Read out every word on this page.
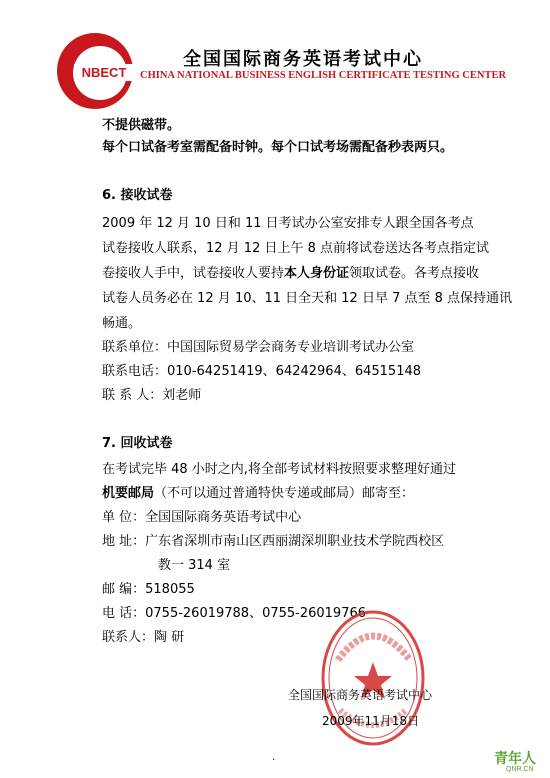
NBECT
全国国际商务英语考试中心
CHINA NATIONAL BUSINESS ENGLISH CERTIFICATE TESTING CENTER
不提供磁带。
每个口试备考室需配备时钟。每个口试考场需配备秒表两只。
6. 接收试卷
2009 年 12 月 10 日和 11 日考试办公室安排专人跟全国各考点
试卷接收人联系，12 月 12 日上午 8 点前将试卷送达各考点指定试
卷接收人手中，试卷接收人要持本人身份证领取试卷。各考点接收
试卷人员务必在 12 月 10、11 日全天和 12 日早 7 点至 8 点保持通讯
畅通。
联系单位：中国国际贸易学会商务专业培训考试办公室
联系电话：010-64251419、64242964、64515148
联 系 人：刘老师
7. 回收试卷
在考试完毕 48 小时之内,将全部考试材料按照要求整理好通过
机要邮局（不可以通过普通特快专递或邮局）邮寄至：
单 位：全国国际商务英语考试中心
地 址：广东省深圳市南山区西丽湖深圳职业技术学院西校区
教一 314 室
邮 编：518055
电 话：0755-26019788、0755-26019766
联系人：陶 研
全国国际商务英语考试中心
2009年11月18日
.	青年人
QNR.CN
